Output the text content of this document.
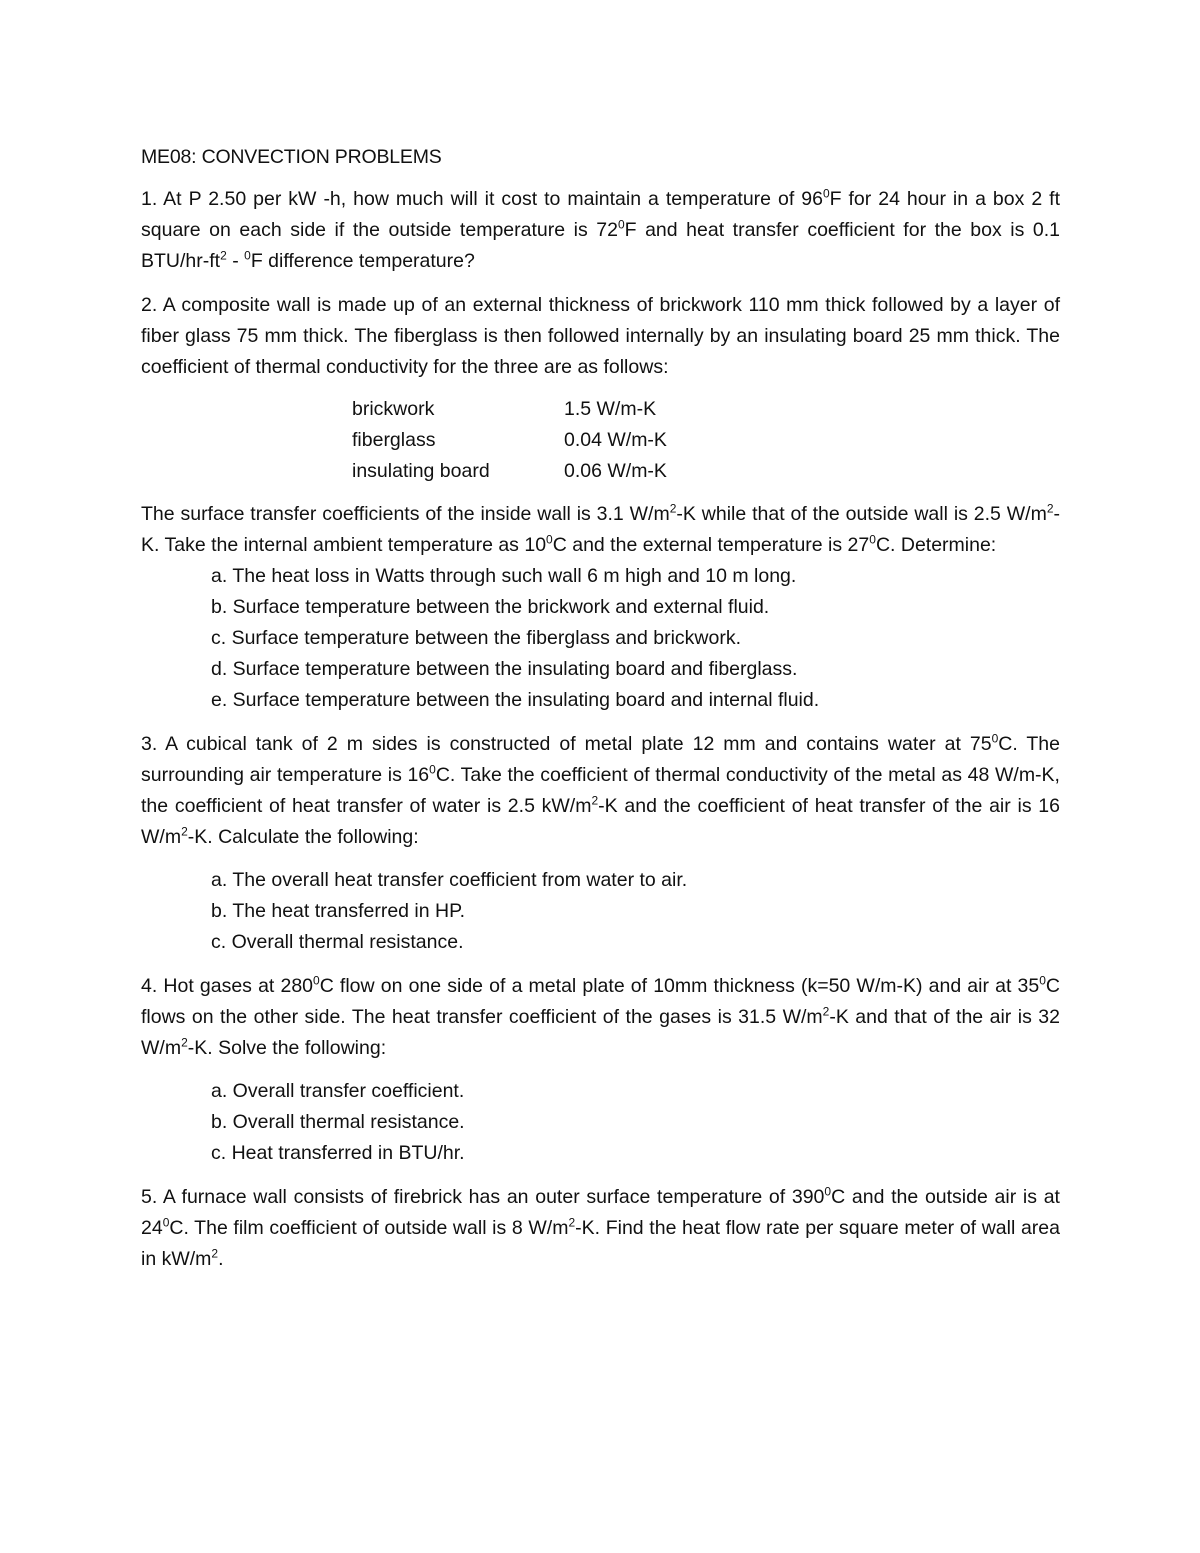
ME08: CONVECTION PROBLEMS

1. At P 2.50 per kW -h, how much will it cost to maintain a temperature of $96^0F$ for 24 hour in a box 2 ft square on each side if the outside temperature is $72^0F$ and heat transfer coefficient for the box is 0.1 BTU/$hr-ft^2 - ^0F$ difference temperature?

2. A composite wall is made up of an external thickness of brickwork 110 mm thick followed by a layer of fiber glass 75 mm thick. The fiberglass is then followed internally by an insulating board 25 mm thick. The coefficient of thermal conductivity for the three are as follows:

brickwork	1.5 W/m-K
fiberglass	0.04 W/m-K
insulating board	0.06 W/m-K

The surface transfer coefficients of the inside wall is 3.1 $W/m^2-K$ while that of the outside wall is 2.5 $W/m^2-K$. Take the internal ambient temperature as $10^0C$ and the external temperature is $27^0C$. Determine:

a. The heat loss in Watts through such wall 6 m high and 10 m long.
b. Surface temperature between the brickwork and external fluid.
c. Surface temperature between the fiberglass and brickwork.
d. Surface temperature between the insulating board and fiberglass.
e. Surface temperature between the insulating board and internal fluid.

3. A cubical tank of 2 m sides is constructed of metal plate 12 mm and contains water at $75^0C$. The surrounding air temperature is $16^0C$. Take the coefficient of thermal conductivity of the metal as 48 W/m-K, the coefficient of heat transfer of water is 2.5 $kW/m^2-K$ and the coefficient of heat transfer of the air is 16 $W/m^2-K$. Calculate the following:

a. The overall heat transfer coefficient from water to air.
b. The heat transferred in HP.
c. Overall thermal resistance.

4. Hot gases at $280^0C$ flow on one side of a metal plate of 10mm thickness (k=50 W/m-K) and air at $35^0C$ flows on the other side. The heat transfer coefficient of the gases is 31.5 $W/m^2-K$ and that of the air is 32 $W/m^2-K$. Solve the following:

a. Overall transfer coefficient.
b. Overall thermal resistance.
c. Heat transferred in BTU/hr.

5. A furnace wall consists of firebrick has an outer surface temperature of $390^0C$ and the outside air is at $24^0C$. The film coefficient of outside wall is 8 $W/m^2-K$. Find the heat flow rate per square meter of wall area in $kW/m^2$.
